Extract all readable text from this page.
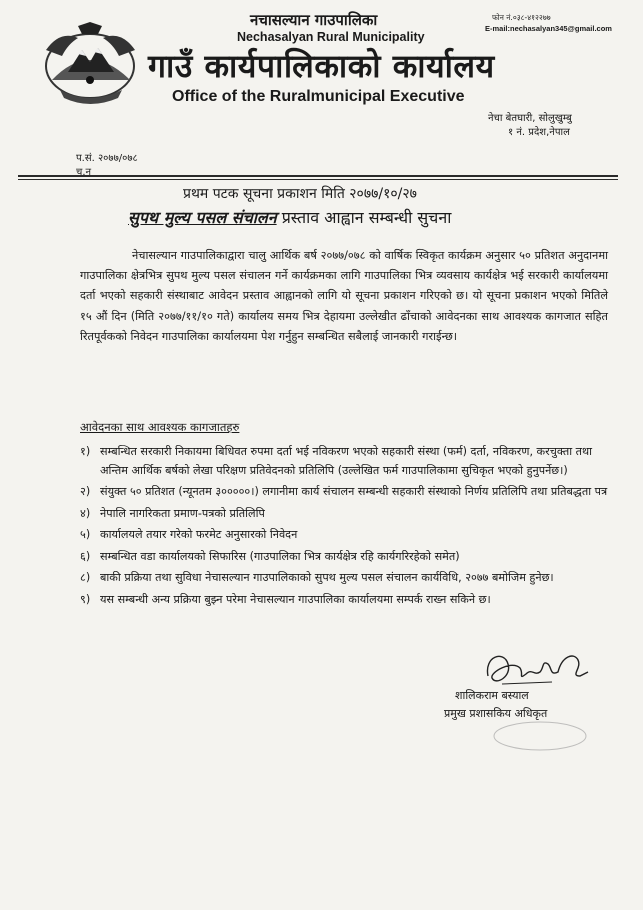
नचासल्यान गाउपालिका
Nechasalyan Rural Municipality
गाउँ कार्यपालिकाको कार्यालय
Office of the Ruralmunicipal Executive
फोन नं.०३८-४१२२७७
E-mail:nechasalyan345@gmail.com
नेचा बेतघारी, सोलुखुम्बु
१ नं. प्रदेश,नेपाल
प.सं. २०७७/०७८
च.न
प्रथम पटक सूचना प्रकाशन मिति २०७७/१०/२७
सुपथ मुल्य पसल संचालन प्रस्ताव आह्वान सम्बन्धी सुचना
नेचासल्यान गाउपालिकाद्वारा चालु आर्थिक बर्ष २०७७/०७८ को वार्षिक स्विकृत कार्यक्रम अनुसार ५० प्रतिशत अनुदानमा गाउपालिका क्षेत्रभित्र सुपथ मुल्य पसल संचालन गर्ने कार्यक्रमका लागि गाउपालिका भित्र व्यवसाय कार्यक्षेत्र भई सरकारी कार्यालयमा दर्ता भएको सहकारी संस्थाबाट आवेदन प्रस्ताव आह्वानको लागि यो सूचना प्रकाशन गरिएको छ। यो सूचना प्रकाशन भएको मितिले १५ औं दिन (मिति २०७७/११/१० गते) कार्यालय समय भित्र देहायमा उल्लेखीत ढाँचाको आवेदनका साथ आवश्यक कागजात सहित रितपूर्वकको निवेदन गाउपालिका कार्यालयमा पेश गर्नुहुन सम्बन्धित सबैलाई जानकारी गराईन्छ।
आवेदनका साथ आवश्यक कागजातहरु
१) सम्बन्धित सरकारी निकायमा बिधिवत रुपमा दर्ता भई नविकरण भएको सहकारी संस्था (फर्म) दर्ता, नविकरण, करचुक्ता तथा अन्तिम आर्थिक बर्षको लेखा परिक्षण प्रतिवेदनको प्रतिलिपि (उल्लेखित फर्म गाउपालिकामा सुचिकृत भएको हुनुपर्नेछ।)
२) संयुक्त ५० प्रतिशत (न्यूनतम ३०००००।) लगानीमा कार्य संचालन सम्बन्धी सहकारी संस्थाको निर्णय प्रतिलिपि तथा प्रतिबद्धता पत्र
४) नेपालि नागरिकता प्रमाण-पत्रको प्रतिलिपि
५) कार्यालयले तयार गरेको फरमेट अनुसारको निवेदन
६) सम्बन्धित वडा कार्यालयको सिफारिस (गाउपालिका भित्र कार्यक्षेत्र रहि कार्यगरिरहेको समेत)
८) बाकी प्रक्रिया तथा सुविधा नेचासल्यान गाउपालिकाको सुपथ मुल्य पसल संचालन कार्यविधि, २०७७ बमोजिम हुनेछ।
९) यस सम्बन्धी अन्य प्रक्रिया बुझ्न परेमा नेचासल्यान गाउपालिका कार्यालयमा सम्पर्क राख्न सकिने छ।
शालिकराम बस्याल
प्रमुख प्रशासकिय अधिकृत
